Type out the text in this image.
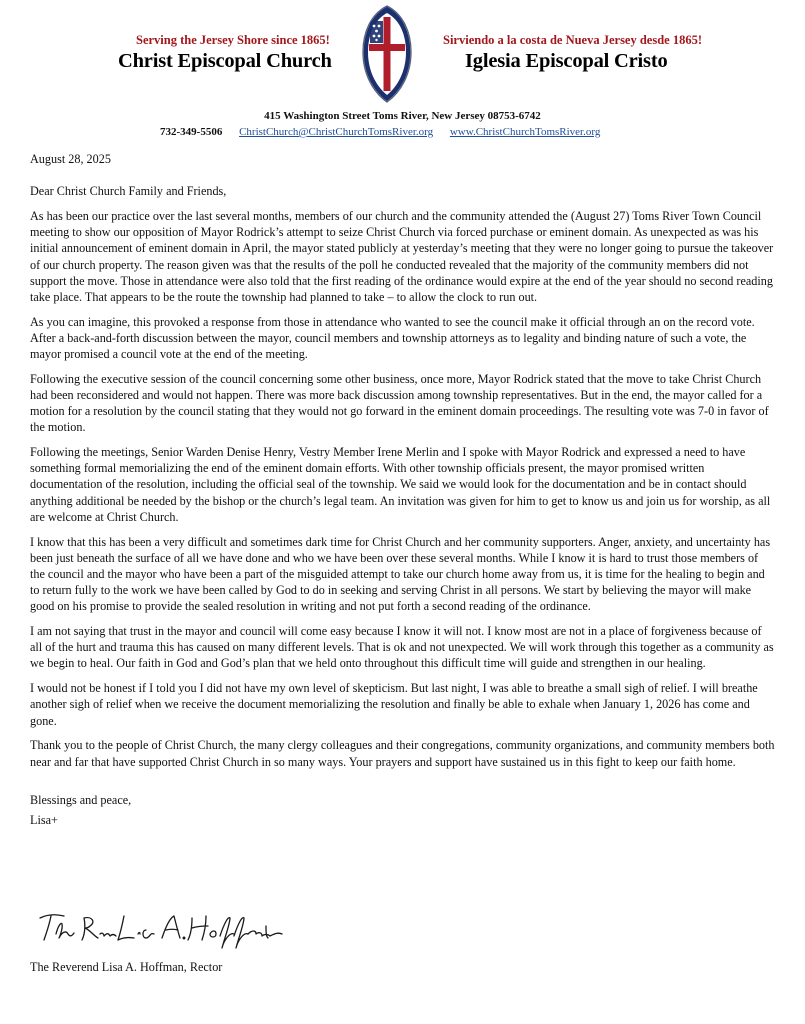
Serving the Jersey Shore since 1865!	Sirviendo a la costa de Nueva Jersey desde 1865!
Christ Episcopal Church	Iglesia Episcopal Cristo
415 Washington Street Toms River, New Jersey 08753-6742
732-349-5506 ChristChurch@ChristChurchTomsRiver.org www.ChristChurchTomsRiver.org

August 28, 2025

Dear Christ Church Family and Friends,

As has been our practice over the last several months, members of our church and the community attended the (August 27) Toms River Town Council meeting to show our opposition of Mayor Rodrick’s attempt to seize Christ Church via forced purchase or eminent domain. As unexpected as was his initial announcement of eminent domain in April, the mayor stated publicly at yesterday’s meeting that they were no longer going to pursue the takeover of our church property. The reason given was that the results of the poll he conducted revealed that the majority of the community members did not support the move. Those in attendance were also told that the first reading of the ordinance would expire at the end of the year should no second reading take place. That appears to be the route the township had planned to take – to allow the clock to run out.

As you can imagine, this provoked a response from those in attendance who wanted to see the council make it official through an on the record vote. After a back-and-forth discussion between the mayor, council members and township attorneys as to legality and binding nature of such a vote, the mayor promised a council vote at the end of the meeting.

Following the executive session of the council concerning some other business, once more, Mayor Rodrick stated that the move to take Christ Church had been reconsidered and would not happen. There was more back discussion among township representatives. But in the end, the mayor called for a motion for a resolution by the council stating that they would not go forward in the eminent domain proceedings. The resulting vote was 7-0 in favor of the motion.

Following the meetings, Senior Warden Denise Henry, Vestry Member Irene Merlin and I spoke with Mayor Rodrick and expressed a need to have something formal memorializing the end of the eminent domain efforts. With other township officials present, the mayor promised written documentation of the resolution, including the official seal of the township. We said we would look for the documentation and be in contact should anything additional be needed by the bishop or the church’s legal team. An invitation was given for him to get to know us and join us for worship, as all are welcome at Christ Church.

I know that this has been a very difficult and sometimes dark time for Christ Church and her community supporters. Anger, anxiety, and uncertainty has been just beneath the surface of all we have done and who we have been over these several months. While I know it is hard to trust those members of the council and the mayor who have been a part of the misguided attempt to take our church home away from us, it is time for the healing to begin and to return fully to the work we have been called by God to do in seeking and serving Christ in all persons. We start by believing the mayor will make good on his promise to provide the sealed resolution in writing and not put forth a second reading of the ordinance.

I am not saying that trust in the mayor and council will come easy because I know it will not. I know most are not in a place of forgiveness because of all of the hurt and trauma this has caused on many different levels. That is ok and not unexpected. We will work through this together as a community as we begin to heal. Our faith in God and God’s plan that we held onto throughout this difficult time will guide and strengthen in our healing.

I would not be honest if I told you I did not have my own level of skepticism. But last night, I was able to breathe a small sigh of relief. I will breathe another sigh of relief when we receive the document memorializing the resolution and finally be able to exhale when January 1, 2026 has come and gone.

Thank you to the people of Christ Church, the many clergy colleagues and their congregations, community organizations, and community members both near and far that have supported Christ Church in so many ways. Your prayers and support have sustained us in this fight to keep our faith home.

Blessings and peace,

Lisa+

The Reverend Lisa A. Hoffman, Rector
